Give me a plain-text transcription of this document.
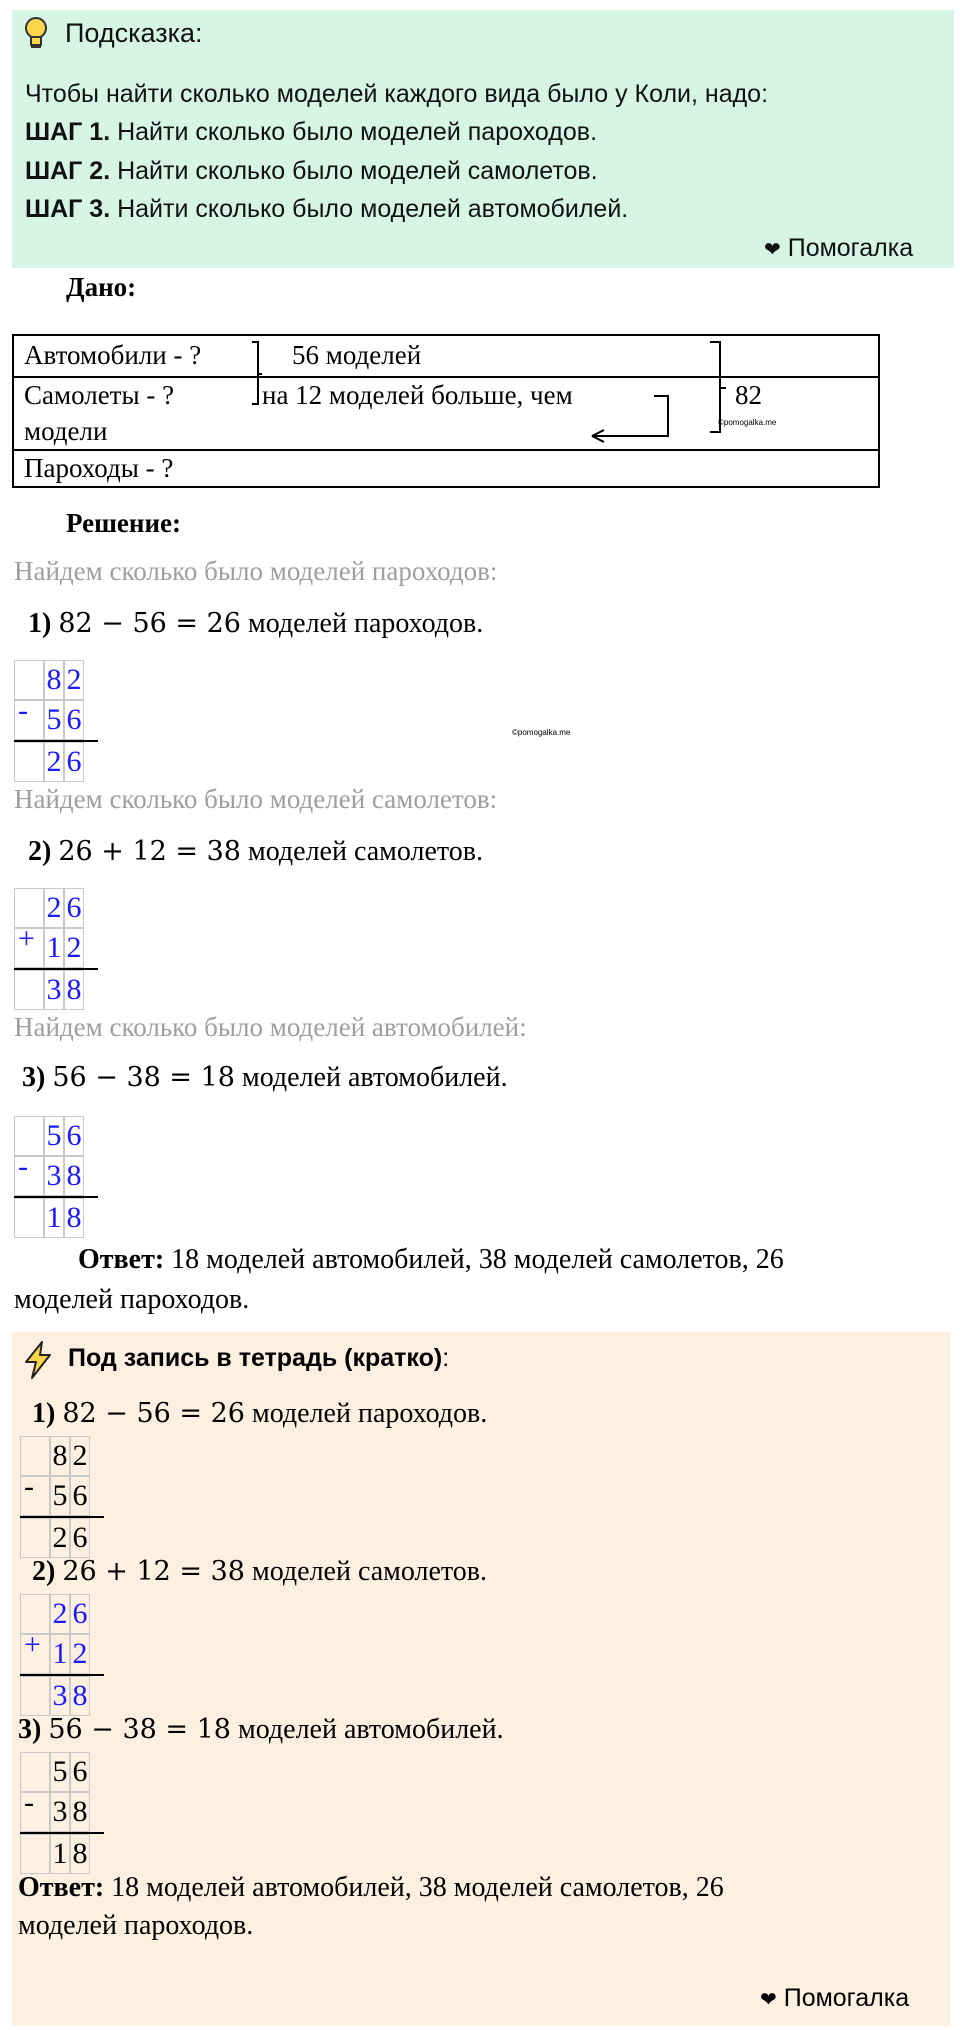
Подсказка:
Чтобы найти сколько моделей каждого вида было у Коли, надо:
ШАГ 1. Найти сколько было моделей пароходов.
ШАГ 2. Найти сколько было моделей самолетов.
ШАГ 3. Найти сколько было моделей автомобилей.
❤ Помогалка
Дано:
Автомобили - ?	56 моделей
Самолеты - ?	на 12 моделей больше, чем
модели
Пароходы - ?
82
©pomogalka.me
Решение:
Найдем сколько было моделей пароходов:
1) 82 − 56 = 26 моделей пароходов.
-
8 2
5 6
2 6
©pomogalka.me
Найдем сколько было моделей самолетов:
2) 26 + 12 = 38 моделей самолетов.
+
2 6
1 2
3 8
Найдем сколько было моделей автомобилей:
3) 56 − 38 = 18 моделей автомобилей.
-
5 6
3 8
1 8
Ответ: 18 моделей автомобилей, 38 моделей самолетов, 26
моделей пароходов.
Под запись в тетрадь (кратко):
1) 82 − 56 = 26 моделей пароходов.
-
8 2
5 6
2 6
2) 26 + 12 = 38 моделей самолетов.
+
2 6
1 2
3 8
3) 56 − 38 = 18 моделей автомобилей.
-
5 6
3 8
1 8
Ответ: 18 моделей автомобилей, 38 моделей самолетов, 26
моделей пароходов.
❤ Помогалка
